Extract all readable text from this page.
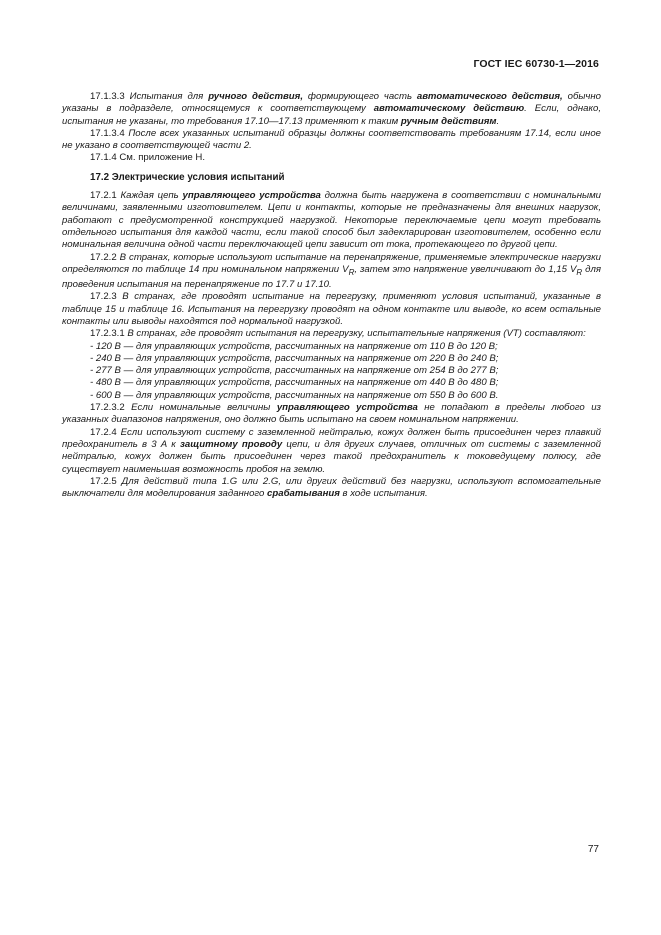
ГОСТ IEC 60730-1—2016

17.1.3.3 Испытания для ручного действия, формирующего часть автоматического действия, обычно указаны в подразделе, относящемуся к соответствующему автоматическому действию. Если, однако, испытания не указаны, то требования 17.10—17.13 применяют к таким ручным действиям.

17.1.3.4 После всех указанных испытаний образцы должны соответствовать требованиям 17.14, если иное не указано в соответствующей части 2.

17.1.4 См. приложение H.

17.2 Электрические условия испытаний

17.2.1 Каждая цепь управляющего устройства должна быть нагружена в соответствии с номинальными величинами, заявленными изготовителем. Цепи и контакты, которые не предназначены для внешних нагрузок, работают с предусмотренной конструкцией нагрузкой. Некоторые переключаемые цепи могут требовать отдельного испытания для каждой части, если такой способ был задекларирован изготовителем, особенно если номинальная величина одной части переключающей цепи зависит от тока, протекающего по другой цепи.

17.2.2 В странах, которые используют испытание на перенапряжение, применяемые электрические нагрузки определяются по таблице 14 при номинальном напряжении $V_R$, затем это напряжение увеличивают до 1,15 $V_R$ для проведения испытания на перенапряжение по 17.7 и 17.10.

17.2.3 В странах, где проводят испытание на перегрузку, применяют условия испытаний, указанные в таблице 15 и таблице 16. Испытания на перегрузку проводят на одном контакте или выводе, ко всем остальные контакты или выводы находятся под нормальной нагрузкой.

17.2.3.1 В странах, где проводят испытания на перегрузку, испытательные напряжения (VT) составляют:

- 120 В — для управляющих устройств, рассчитанных на напряжение от 110 В до 120 В;

- 240 В — для управляющих устройств, рассчитанных на напряжение от 220 В до 240 В;

- 277 В — для управляющих устройств, рассчитанных на напряжение от 254 В до 277 В;

- 480 В — для управляющих устройств, рассчитанных на напряжение от 440 В до 480 В;

- 600 В — для управляющих устройств, рассчитанных на напряжение от 550 В до 600 В.

17.2.3.2 Если номинальные величины управляющего устройства не попадают в пределы любого из указанных диапазонов напряжения, оно должно быть испытано на своем номинальном напряжении.

17.2.4 Если используют систему с заземленной нейтралью, кожух должен быть присоединен через плавкий предохранитель в 3 А к защитному проводу цепи, и для других случаев, отличных от системы с заземленной нейтралью, кожух должен быть присоединен через такой предохранитель к токоведущему полюсу, где существует наименьшая возможность пробоя на землю.

17.2.5 Для действий типа 1.G или 2.G, или других действий без нагрузки, используют вспомогательные выключатели для моделирования заданного срабатывания в ходе испытания.

77
